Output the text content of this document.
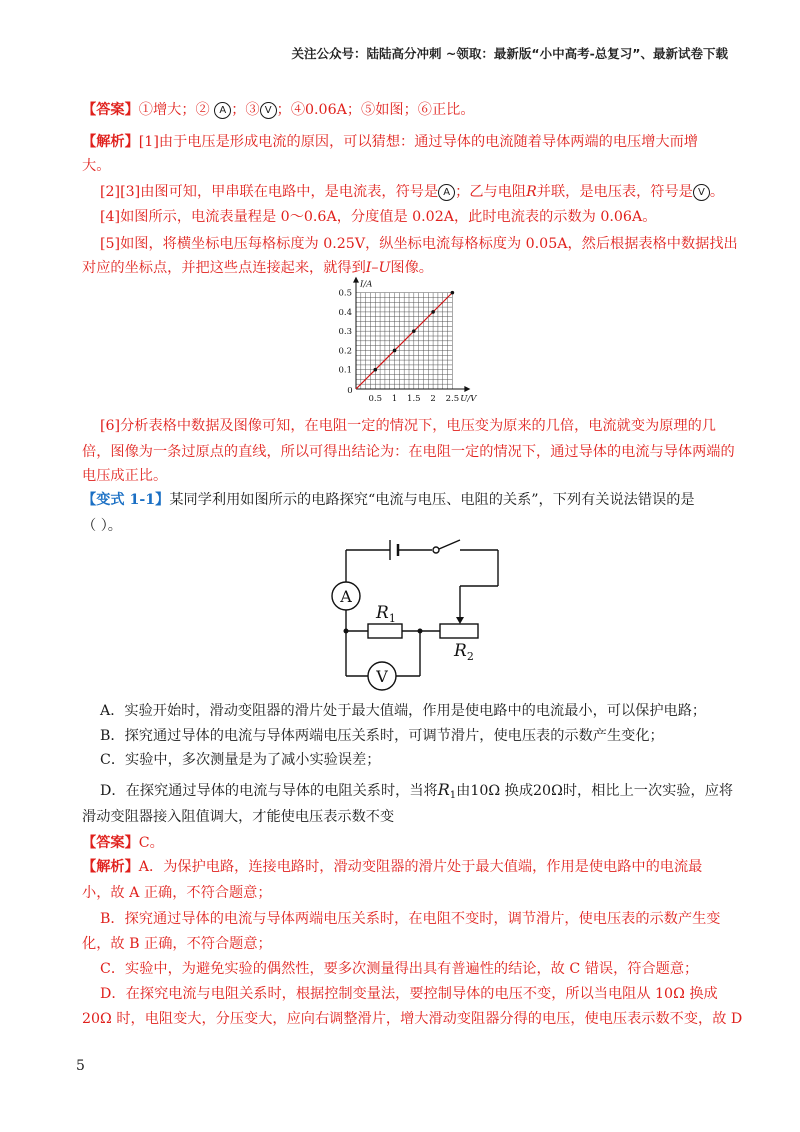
关注公众号：陆陆高分冲刺 ~领取：最新版“小中高考-总复习”、最新试卷下载
【答案】①增大；② A ；③ V ；④0.06A；⑤如图；⑥正比。
【解析】[1]由于电压是形成电流的原因，可以猜想：通过导体的电流随着导体两端的电压增大而增
大。
[2][3]由图可知，甲串联在电路中，是电流表，符号是 A ；乙与电阻R并联，是电压表，符号是 V 。
[4]如图所示，电流表量程是 0～0.6A，分度值是 0.02A，此时电流表的示数为 0.06A。
[5]如图，将横坐标电压每格标度为 0.25V，纵坐标电流每格标度为 0.05A，然后根据表格中数据找出
对应的坐标点，并把这些点连接起来，就得到I–U图像。
0.5 1 1.5 2 2.5
0.1
0.2
0.3
0.4
0.5
0
U/V
I/A
[6]分析表格中数据及图像可知，在电阻一定的情况下，电压变为原来的几倍，电流就变为原理的几
倍，图像为一条过原点的直线，所以可得出结论为：在电阻一定的情况下，通过导体的电流与导体两端的
电压成正比。
【变式 1-1】某同学利用如图所示的电路探究“电流与电压、电阻的关系”，下列有关说法错误的是
（ ）。
A
V
$R_1$
$R_2$
A．实验开始时，滑动变阻器的滑片处于最大值端，作用是使电路中的电流最小，可以保护电路；
B．探究通过导体的电流与导体两端电压关系时，可调节滑片，使电压表的示数产生变化；
C．实验中，多次测量是为了减小实验误差；
D．在探究通过导体的电流与导体的电阻关系时，当将$R_1$由10Ω 换成20Ω时，相比上一次实验，应将
滑动变阻器接入阻值调大，才能使电压表示数不变
【答案】C。
【解析】A．为保护电路，连接电路时，滑动变阻器的滑片处于最大值端，作用是使电路中的电流最
小，故 A 正确，不符合题意；
B．探究通过导体的电流与导体两端电压关系时，在电阻不变时，调节滑片，使电压表的示数产生变
化，故 B 正确，不符合题意；
C．实验中，为避免实验的偶然性，要多次测量得出具有普遍性的结论，故 C 错误，符合题意；
D．在探究电流与电阻关系时，根据控制变量法，要控制导体的电压不变，所以当电阻从 10Ω 换成
20Ω 时，电阻变大，分压变大，应向右调整滑片，增大滑动变阻器分得的电压，使电压表示数不变，故 D
5
